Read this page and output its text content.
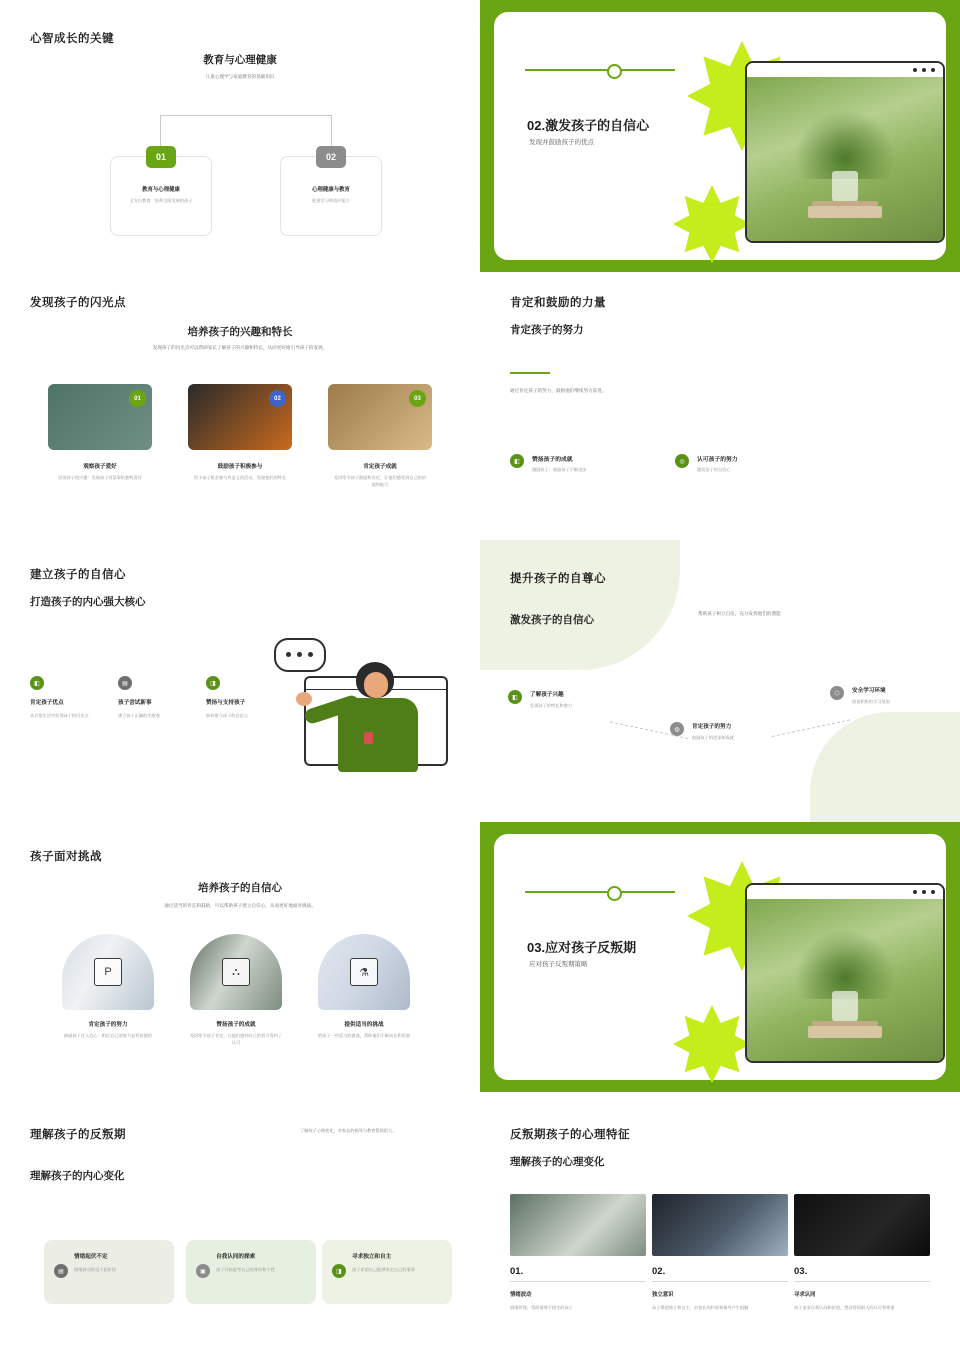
心智成长的关键
教育与心理健康
儿童心理学与家庭教育的基础知识
01
教育与心理健康
全方位教育：培养全面发展的孩子
02
心理健康与教育
促进学习和适应能力
02.激发孩子的自信心
发现并鼓励孩子的优点
发现孩子的闪光点
培养孩子的兴趣和特长
发现孩子的闪光点可以帮助家长了解孩子的兴趣和特长，从而更好地引导孩子的发展。
01	02	03
观察孩子爱好
识别孩子的兴趣：发现孩子对某事的独特喜好
鼓励孩子积极参与
给予孩子机会参与有意义的活动，发现他们的特长
肯定孩子成就
及时给予孩子鼓励和肯定，让他们感受到自己的价值和能力
肯定和鼓励的力量
肯定孩子的努力
通过肯定孩子的努力，鼓励他们继续努力前进。
◧	赞扬孩子的成就
激励孩子：鼓励孩子不断进步
◎	认可孩子的努力
激发孩子的自信心
建立孩子的自信心
打造孩子的内心强大核心
◧
肯定孩子优点
从日常生活中发现孩子的闪光点
▤
孩子尝试新事
建立孩子正确的失败观
◨
赞扬与支持孩子
如何建立孩子的自信心
提升孩子的自尊心
激发孩子的自信心
帮助孩子树立自信，充分发挥他们的潜能
◧	了解孩子兴趣
发现孩子的特长和潜力
◍	肯定孩子的努力
鼓励孩子的进步和成就
⬡	安全学习环境
创造积极的学习氛围
孩子面对挑战
培养孩子的自信心
通过适当的肯定和鼓励，可以帮助孩子建立自信心，从而更好地面对挑战。
P	⛬	⚗
肯定孩子的努力
鼓励孩子注入信心：相信自己的努力是有价值的
赞扬孩子的成就
及时给予孩子肯定，让他们感到自己的努力得到了认可
提供适当的挑战
给孩子一些适当的挑战，帮助他们不断成长和发展
03.应对孩子反叛期
应对孩子反叛期策略
理解孩子的反叛期
理解孩子的内心变化
了解孩子心理变化，对家长的指导与教育帮助很大。
▤
情绪起伏不定
情绪波动常见于此阶段	▣
自我认同的探索
孩子开始思考自己的身份和个性	◨
寻求独立和自主
孩子希望自己能够决定自己的事情
反叛期孩子的心理特征
理解孩子的心理变化
01.
情绪波动
情绪管理，帮助情绪不稳定的孩子
02.
独立意识
孩子渴望独立和自主，对家长的约束和指导产生抵触
03.
寻求认同
孩子追求自我认同和价值，想获得同龄人的认可和尊重
